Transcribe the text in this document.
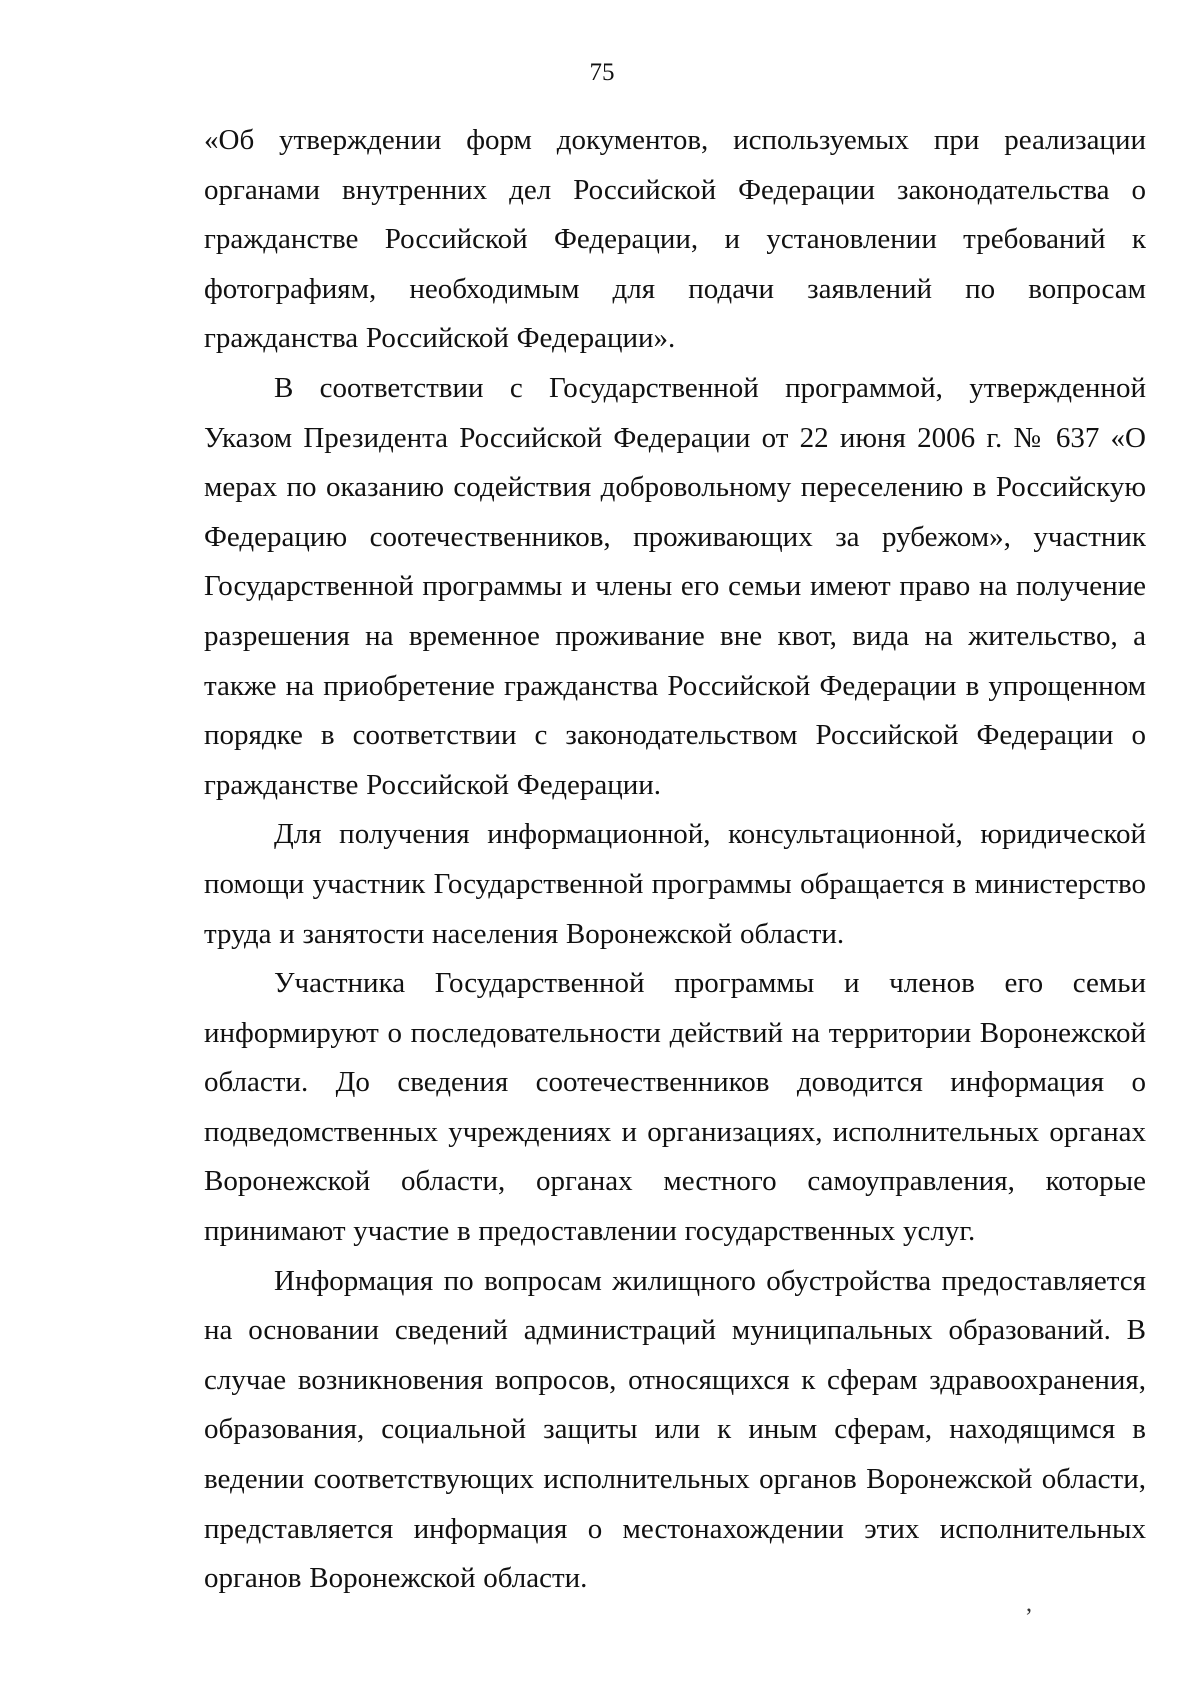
75

«Об утверждении форм документов, используемых при реализации органами внутренних дел Российской Федерации законодательства о гражданстве Российской Федерации, и установлении требований к фотографиям, необходимым для подачи заявлений по вопросам гражданства Российской Федерации».

В соответствии с Государственной программой, утвержденной Указом Президента Российской Федерации от 22 июня 2006 г. № 637 «О мерах по оказанию содействия добровольному переселению в Российскую Федерацию соотечественников, проживающих за рубежом», участник Государственной программы и члены его семьи имеют право на получение разрешения на временное проживание вне квот, вида на жительство, а также на приобретение гражданства Российской Федерации в упрощенном порядке в соответствии с законодательством Российской Федерации о гражданстве Российской Федерации.

Для получения информационной, консультационной, юридической помощи участник Государственной программы обращается в министерство труда и занятости населения Воронежской области.

Участника Государственной программы и членов его семьи информируют о последовательности действий на территории Воронежской области. До сведения соотечественников доводится информация о подведомственных учреждениях и организациях, исполнительных органах Воронежской области, органах местного самоуправления, которые принимают участие в предоставлении государственных услуг.

Информация по вопросам жилищного обустройства предоставляется на основании сведений администраций муниципальных образований. В случае возникновения вопросов, относящихся к сферам здравоохранения, образования, социальной защиты или к иным сферам, находящимся в ведении соответствующих исполнительных органов Воронежской области, представляется информация о местонахождении этих исполнительных органов Воронежской области.

,
